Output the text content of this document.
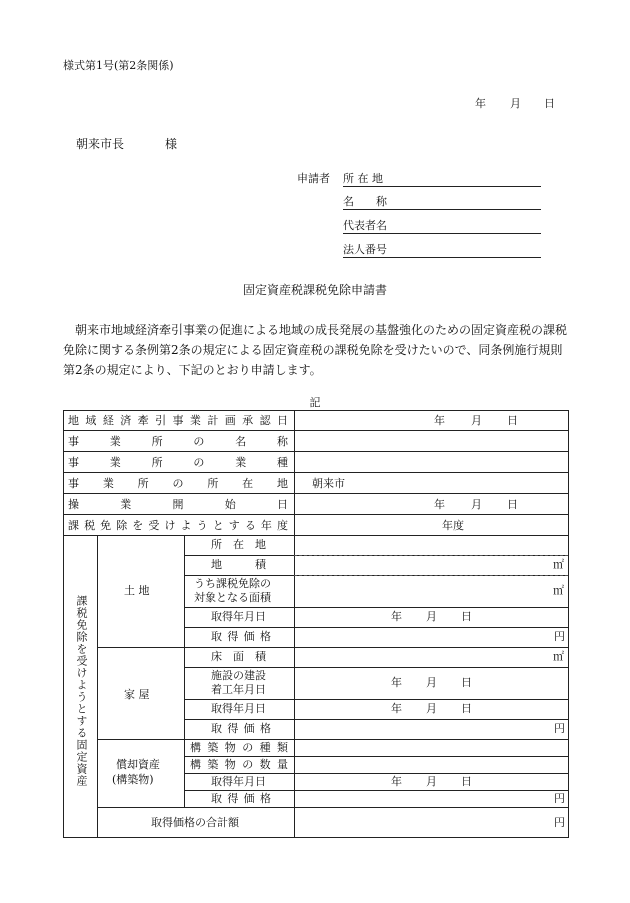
様式第1号(第2条関係)
年 月 日
朝来市長	様
申請者 所 在 地
名　　称
代表者名
法人番号
固定資産税課税免除申請書
朝来市地域経済牽引事業の促進による地域の成長発展の基盤強化のための固定資産税の課税免除に関する条例第2条の規定による固定資産税の課税免除を受けたいので、同条例施行規則第2条の規定により、下記のとおり申請します。
記
地域経済牽引事業計画承認日
事業所の名称
事業所の業種
事業所の所在地
操業開始日
課税免除を受けようとする年度
年 月 日
朝来市
年 月 日
年度
課税免除を受けようとする固定資産
土 地
所 在 地
地　　積
うち課税免除の
対象となる面積
取得年月日
取得価格
㎡
㎡
年 月 日
円
家 屋
床 面 積
施設の建設
着工年月日
取得年月日
取得価格
㎡
年 月 日
年 月 日
円
償却資産
(構築物)
構築物の種類
構築物の数量
取得年月日
取得価格
年 月 日
円
取得価格の合計額	円
